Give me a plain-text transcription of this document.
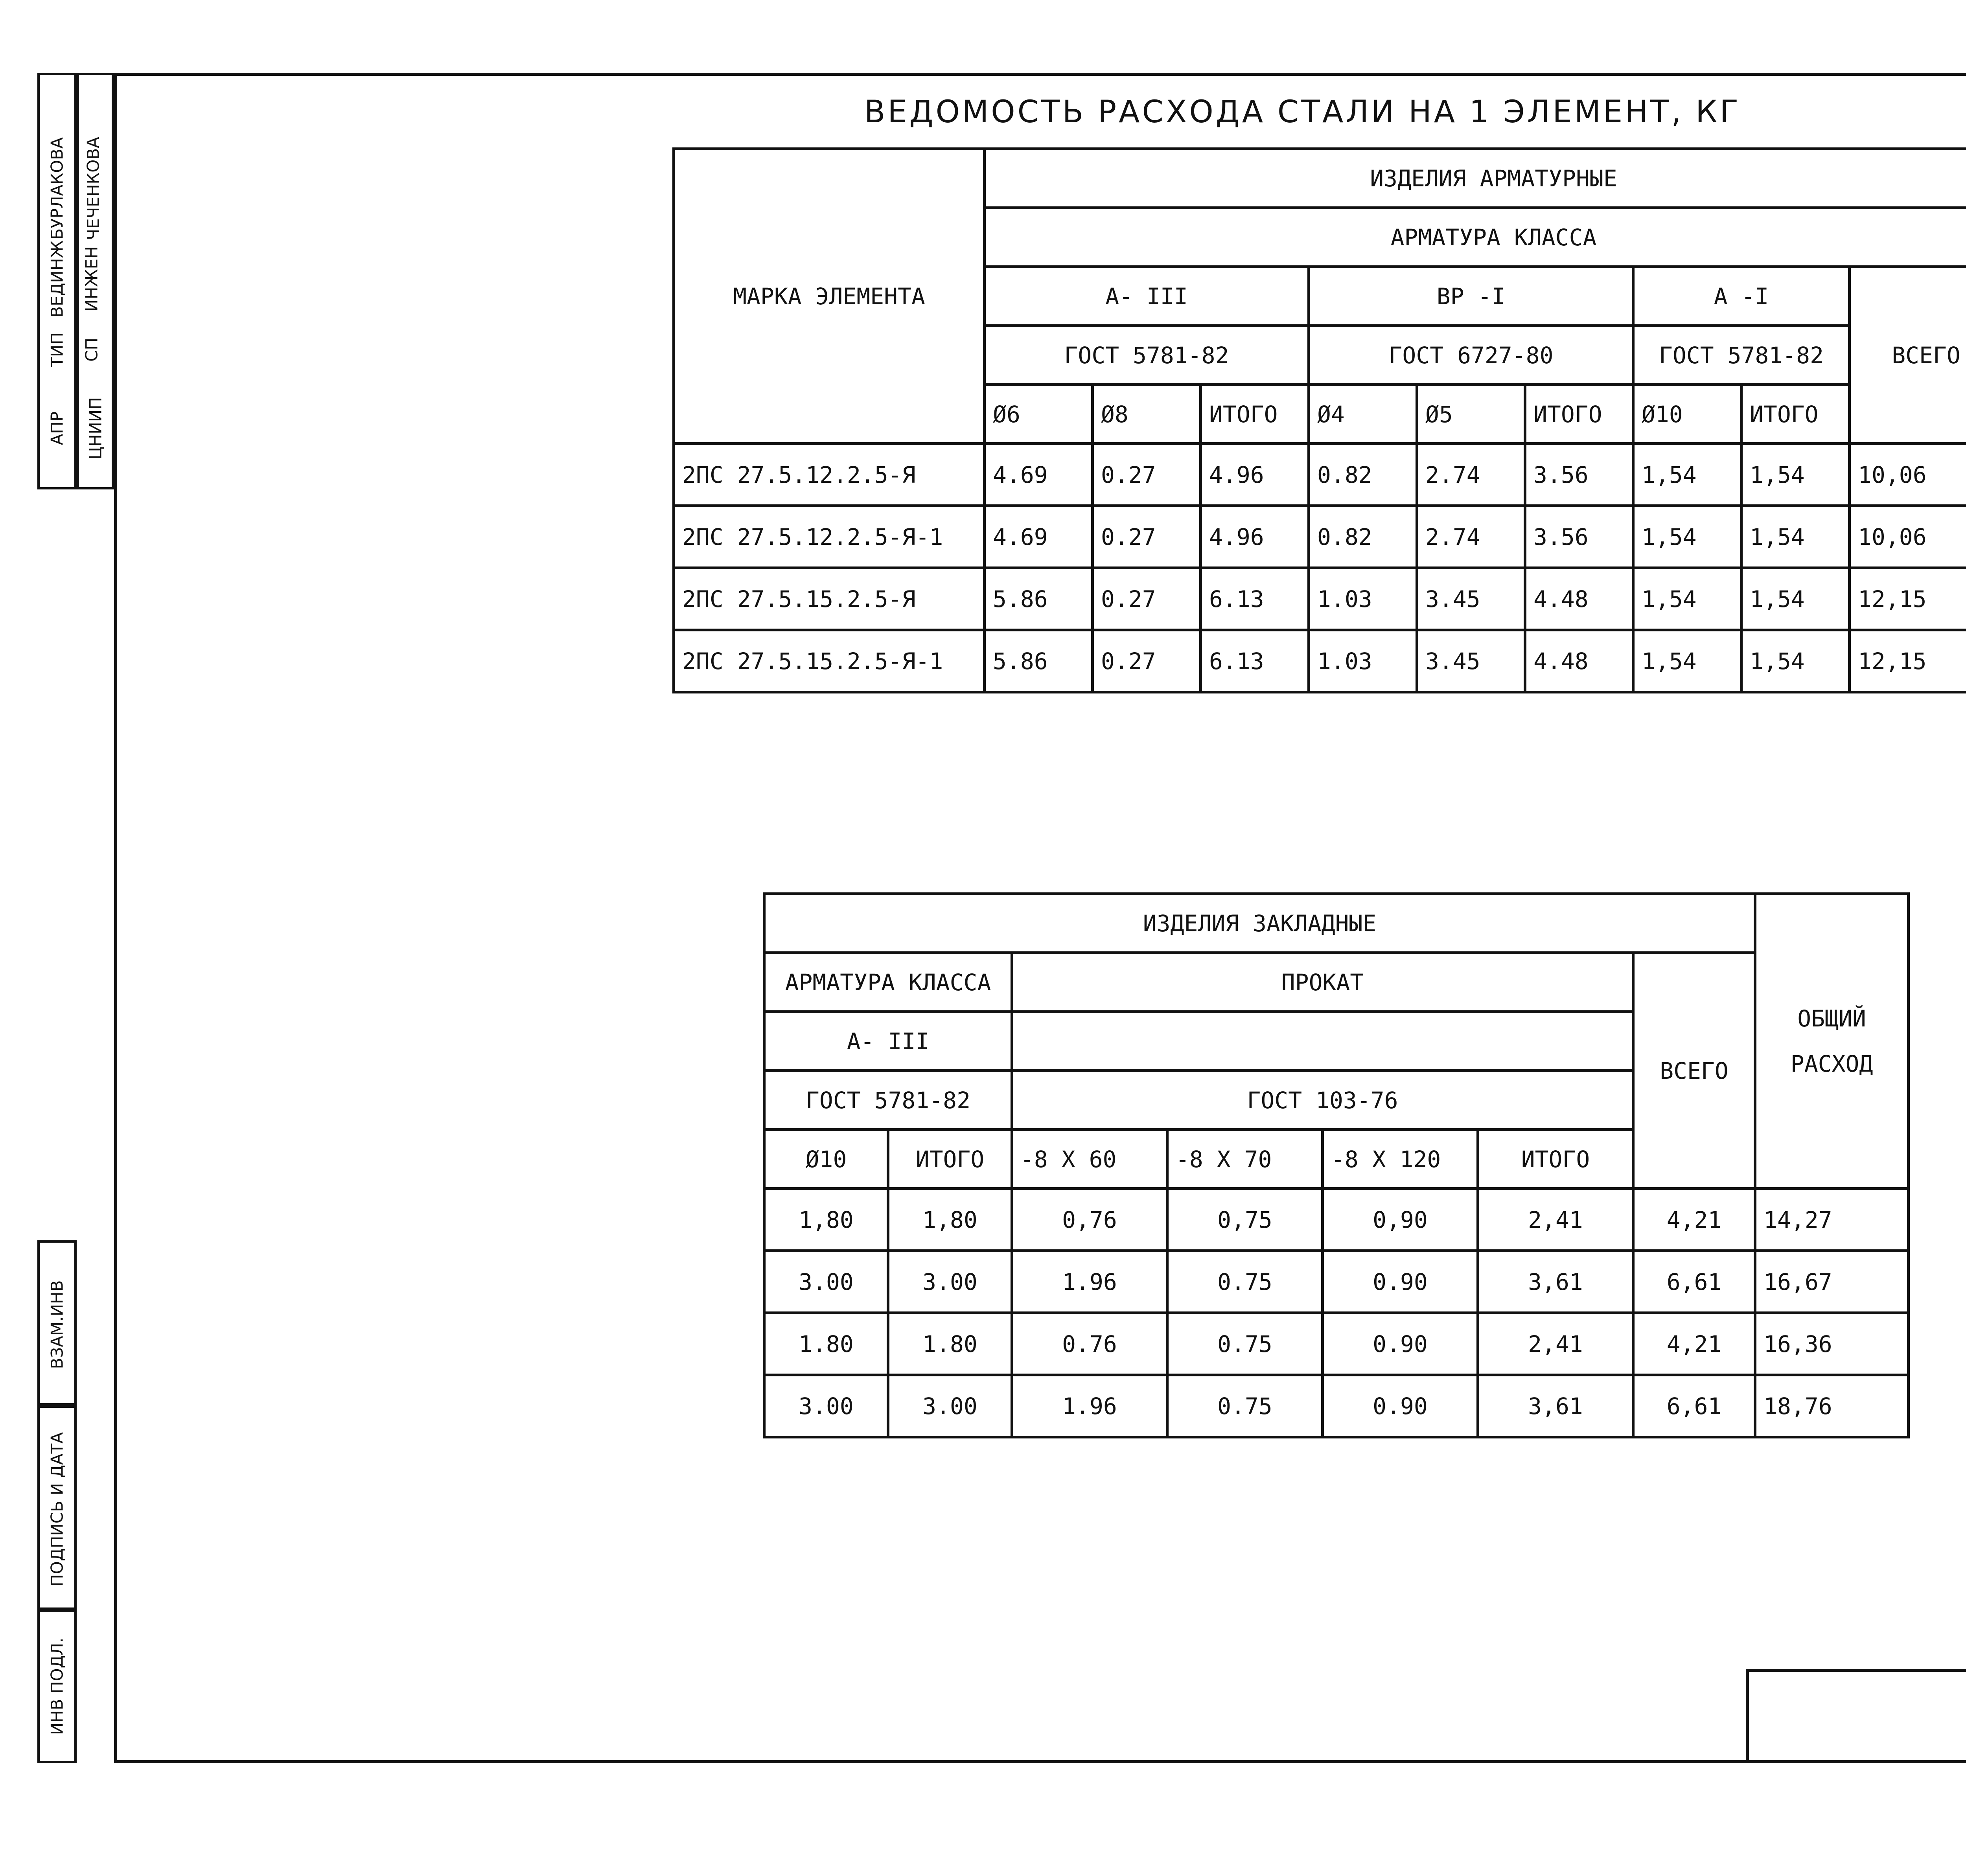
АПР
ТИП
ВЕДИНЖ
БУРЛАКОВА
ЦНИИП
СП
ИНЖЕН
ЧЕЧЕНКОВА
ВЗАМ.ИНВ
ПОДПИСЬ И ДАТА
ИНВ ПОДЛ.
ВЕДОМОСТЬ РАСХОДА СТАЛИ НА 1 ЭЛЕМЕНТ, КГ
МАРКА ЭЛЕМЕНТА	ИЗДЕЛИЯ АРМАТУРНЫЕ								
	АРМАТУРА КЛАССА								
	А- III			ВР -I			А -I		ВСЕГО
	ГОСТ 5781-82			ГОСТ 6727-80			ГОСТ 5781-82		
	Ø6	Ø8	ИТОГО	Ø4	Ø5	ИТОГО	Ø10	ИТОГО	
2ПС 27.5.12.2.5-Я	4.69	0.27	4.96	0.82	2.74	3.56	1,54	1,54	10,06
2ПС 27.5.12.2.5-Я-1	4.69	0.27	4.96	0.82	2.74	3.56	1,54	1,54	10,06
2ПС 27.5.15.2.5-Я	5.86	0.27	6.13	1.03	3.45	4.48	1,54	1,54	12,15
2ПС 27.5.15.2.5-Я-1	5.86	0.27	6.13	1.03	3.45	4.48	1,54	1,54	12,15
ИЗДЕЛИЯ ЗАКЛАДНЫЕ							ОБЩИЙ РАСХОД
АРМАТУРА КЛАССА		ПРОКАТ				ВСЕГО	
А- III							
ГОСТ 5781-82		ГОСТ 103-76					
Ø10	ИТОГО	-8 Х 60	-8 Х 70	-8 Х 120	ИТОГО		
1,80	1,80	0,76	0,75	0,90	2,41	4,21	14,27
3.00	3.00	1.96	0.75	0.90	3,61	6,61	16,67
1.80	1.80	0.76	0.75	0.90	2,41	4,21	16,36
3.00	3.00	1.96	0.75	0.90	3,61	6,61	18,76
